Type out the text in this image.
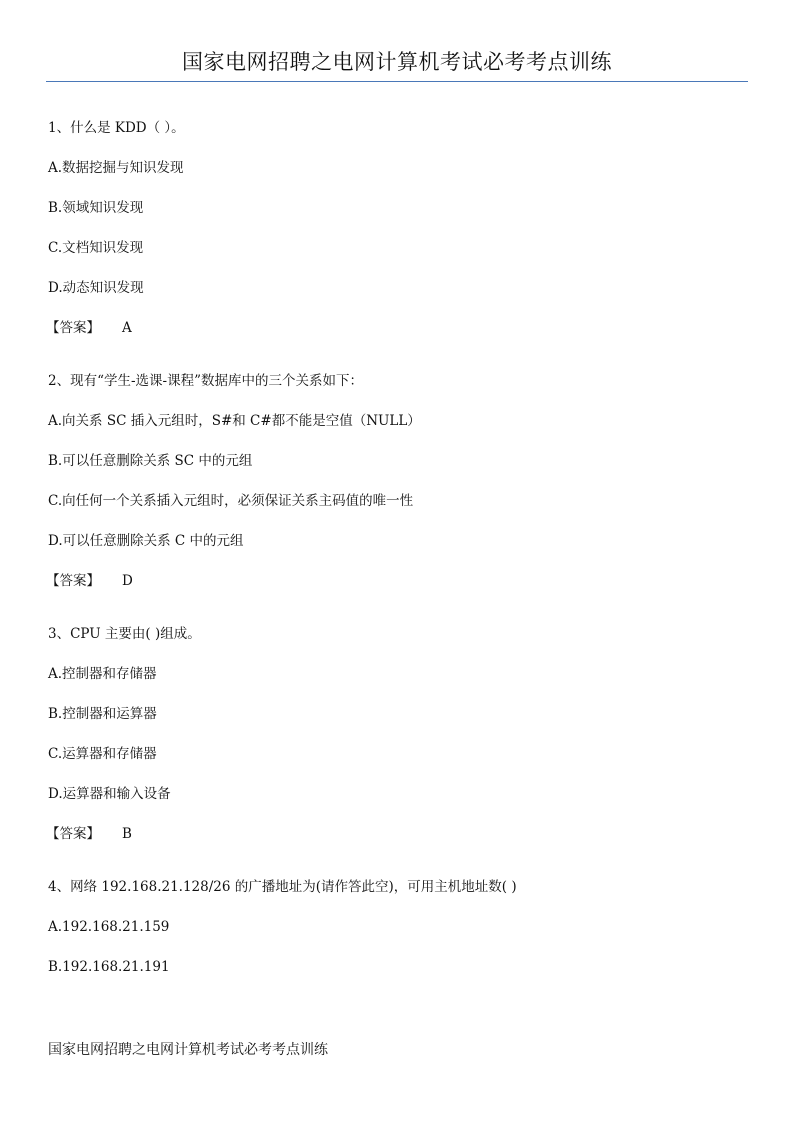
国家电网招聘之电网计算机考试必考考点训练
1、什么是 KDD（ ）。
A.数据挖掘与知识发现
B.领域知识发现
C.文档知识发现
D.动态知识发现
【答案】 A
2、现有“学生-选课-课程”数据库中的三个关系如下：
A.向关系 SC 插入元组时，S#和 C#都不能是空值（NULL）
B.可以任意删除关系 SC 中的元组
C.向任何一个关系插入元组时，必须保证关系主码值的唯一性
D.可以任意删除关系 C 中的元组
【答案】 D
3、CPU 主要由( )组成。
A.控制器和存储器
B.控制器和运算器
C.运算器和存储器
D.运算器和输入设备
【答案】 B
4、网络 192.168.21.128/26 的广播地址为(请作答此空)，可用主机地址数( )
A.192.168.21.159
B.192.168.21.191
国家电网招聘之电网计算机考试必考考点训练
